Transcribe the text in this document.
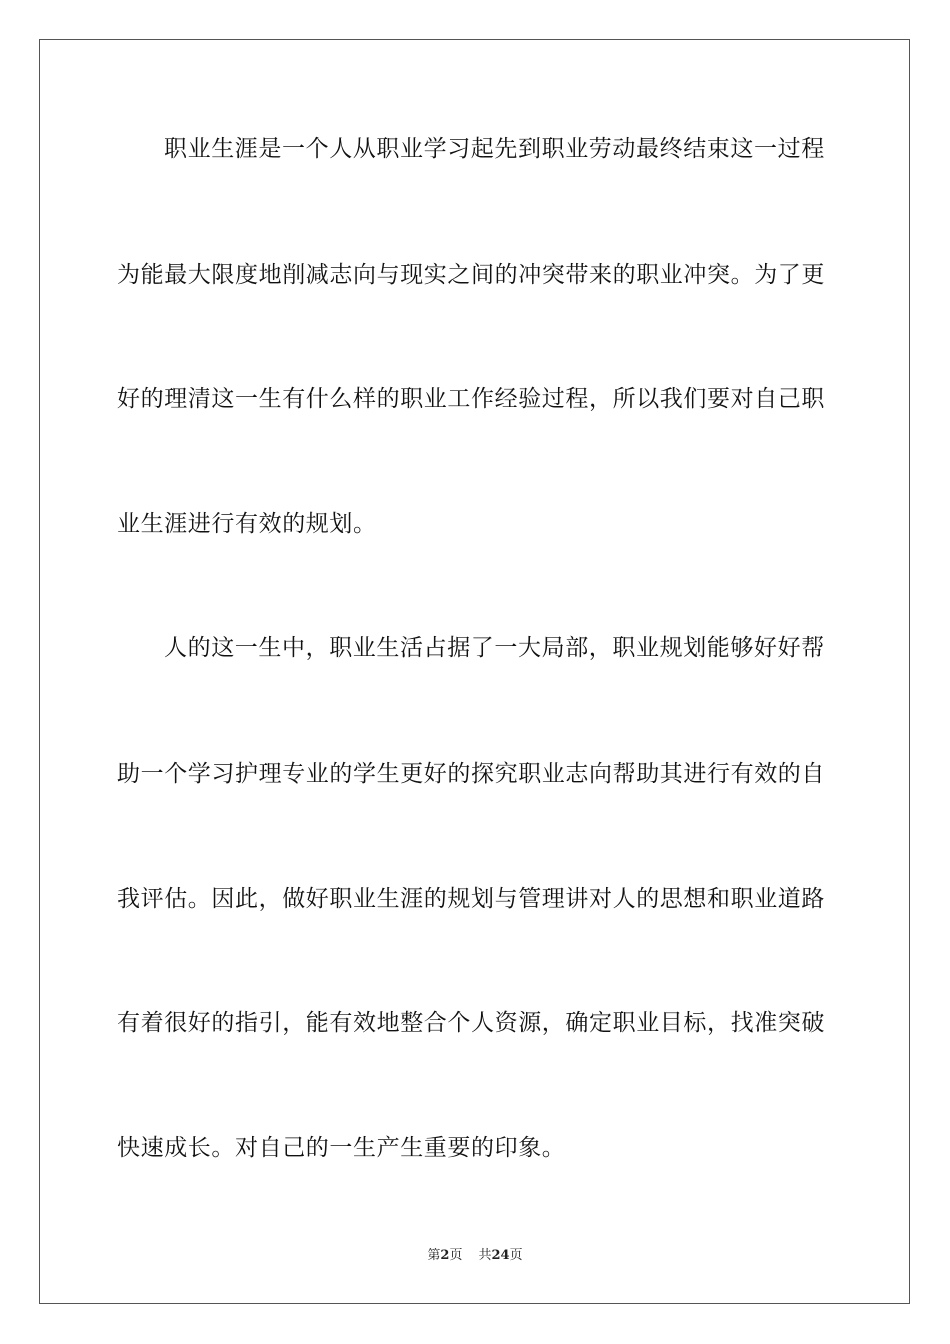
职业生涯是一个人从职业学习起先到职业劳动最终结束这一过程
为能最大限度地削减志向与现实之间的冲突带来的职业冲突。为了更
好的理清这一生有什么样的职业工作经验过程，所以我们要对自己职
业生涯进行有效的规划。
人的这一生中，职业生活占据了一大局部，职业规划能够好好帮
助一个学习护理专业的学生更好的探究职业志向帮助其进行有效的自
我评估。因此，做好职业生涯的规划与管理讲对人的思想和职业道路
有着很好的指引，能有效地整合个人资源，确定职业目标，找准突破
快速成长。对自己的一生产生重要的印象。
第2页 共24页
